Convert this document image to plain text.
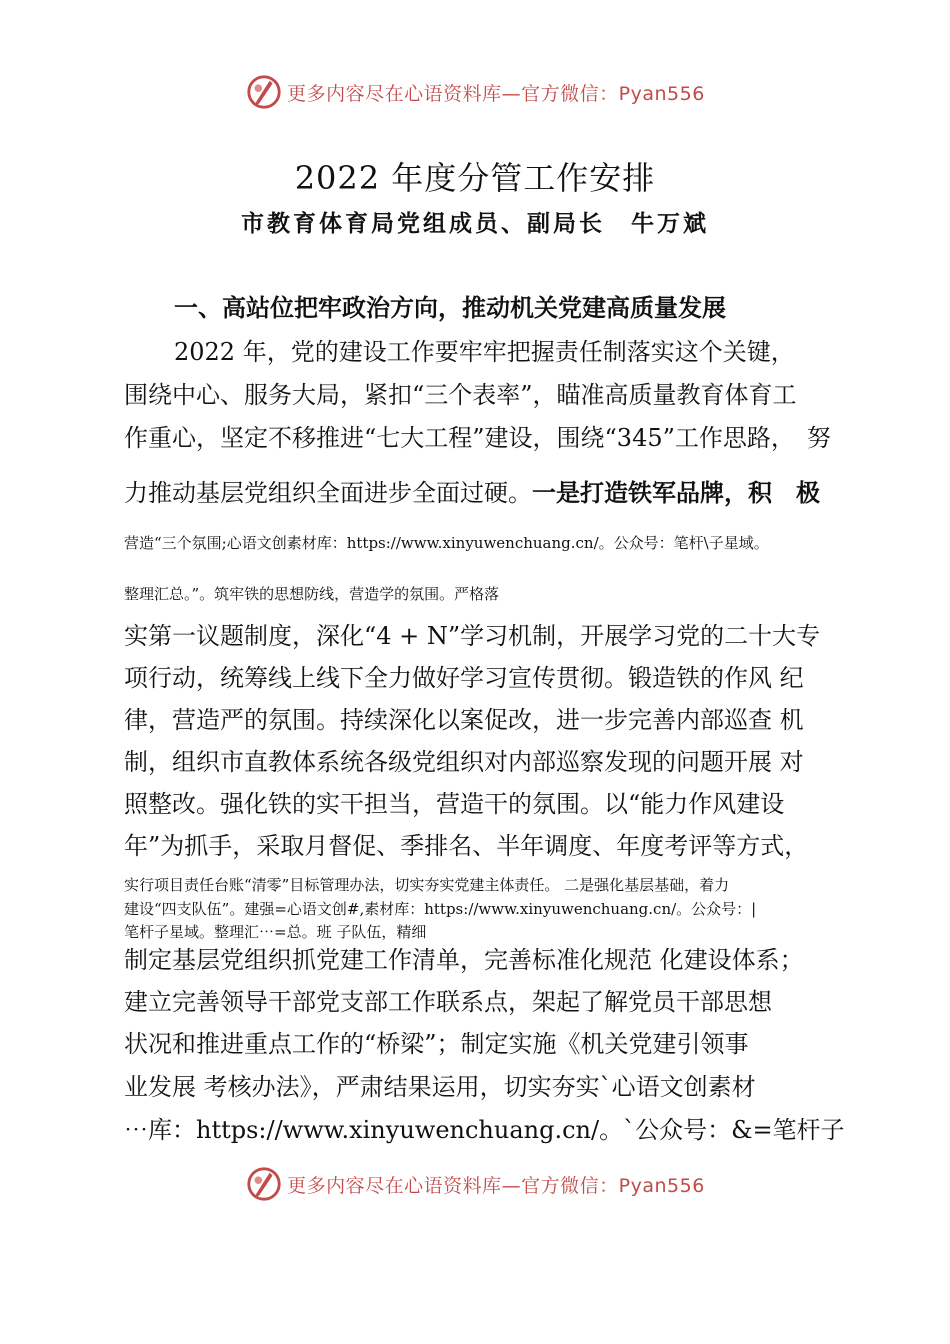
更多内容尽在心语资料库—官方微信：Pyan556
2022 年度分管工作安排
市教育体育局党组成员、副局长　牛万斌
一、高站位把牢政治方向，推动机关党建高质量发展
2022 年，党的建设工作要牢牢把握责任制落实这个关键，
围绕中心、服务大局，紧扣“三个表率”，瞄准高质量教育体育工
作重心，坚定不移推进“七大工程”建设，围绕“345”工作思路，　努
力推动基层党组织全面进步全面过硬。一是打造铁军品牌，积　极
营造“三个氛围;心语文创素材库：https://www.xinyuwenchuang.cn/。公众号：笔杆\子星域。
整理汇总。”。筑牢铁的思想防线，营造学的氛围。严格落
实第一议题制度，深化“4 + N”学习机制，开展学习党的二十大专
项行动，统筹线上线下全力做好学习宣传贯彻。锻造铁的作风 纪
律，营造严的氛围。持续深化以案促改，进一步完善内部巡查 机
制，组织市直教体系统各级党组织对内部巡察发现的问题开展 对
照整改。强化铁的实干担当，营造干的氛围。以“能力作风建设
年”为抓手，采取月督促、季排名、半年调度、年度考评等方式，
实行项目责任台账“清零”目标管理办法，切实夯实党建主体责任。 二是强化基层基础，着力
建设“四支队伍”。建强=心语文创#,素材库：https://www.xinyuwenchuang.cn/。公众号：|
笔杆子星域。整理汇⋯=总。班 子队伍，精细
制定基层党组织抓党建工作清单，完善标准化规范 化建设体系；
建立完善领导干部党支部工作联系点，架起了解党员干部思想
状况和推进重点工作的“桥梁”；制定实施《机关党建引领事
业发展 考核办法》，严肃结果运用，切实夯实`心语文创素材
⋯库：https://www.xinyuwenchuang.cn/。`公众号：&=笔杆子
更多内容尽在心语资料库—官方微信：Pyan556
